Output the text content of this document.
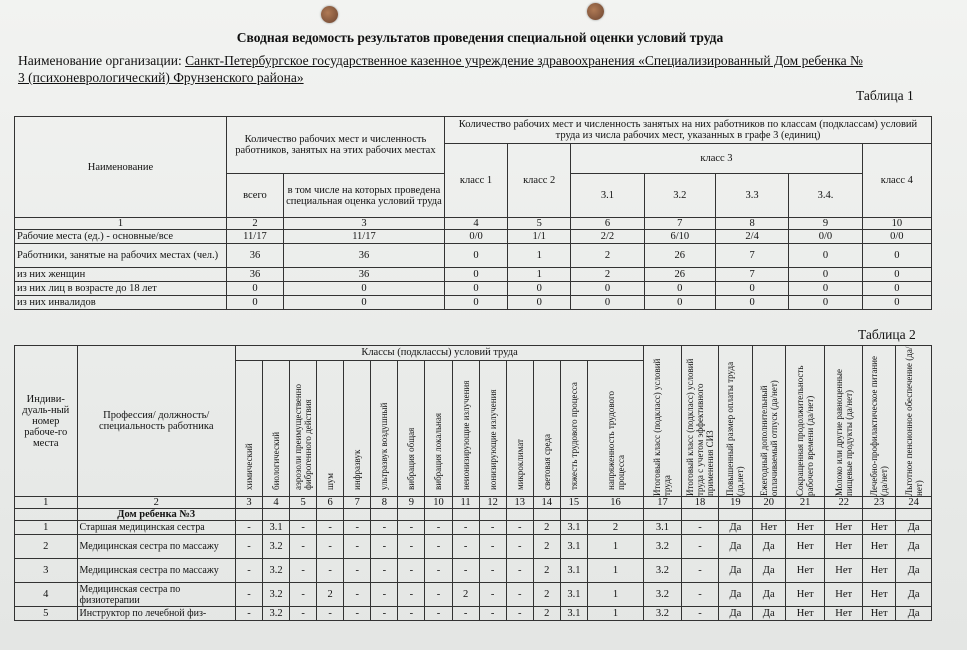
Сводная ведомость результатов проведения специальной оценки условий труда
Наименование организации: Санкт-Петербургское государственное казенное учреждение здравоохранения «Специализированный Дом ребенка №
3 (психоневрологический) Фрунзенского района»
Таблица 1
Наименование	Количество рабочих мест и численность работников, занятых на этих рабочих местах		Количество рабочих мест и численность занятых на них работников по классам (подклассам) условий труда из числа рабочих мест, указанных в графе 3 (единиц)						
			класс 1	класс 2	класс 3				класс 4
	всего	в том числе на которых проведена специальная оценка условий труда			3.1	3.2	3.3	3.4.	
1	2	3	4	5	6	7	8	9	10
Рабочие места (ед.) - основные/все	11/17	11/17	0/0	1/1	2/2	6/10	2/4	0/0	0/0
Работники, занятые на рабочих местах (чел.)	36	36	0	1	2	26	7	0	0
из них женщин	36	36	0	1	2	26	7	0	0
из них лиц в возрасте до 18 лет	0	0	0	0	0	0	0	0	0
из них инвалидов	0	0	0	0	0	0	0	0	0
Таблица 2
Индиви-дуаль-ный номер рабоче-го места	Профессия/ должность/ специальность работника	Классы (подклассы) условий труда														Итоговый класс (подкласс) условий труда	Итоговый класс (подкласс) условий труда с учетом эффективного применения СИЗ	Повышенный размер оплаты труда (да,нет)	Ежегодный дополнительный оплачиваемый отпуск (да/нет)	Сокращенная продолжительность рабочего времени (да/нет)	Молоко или другие равноценные пищевые продукты (да/нет)	Лечебно-профилактическое питание (да/нет)	Льготное пенсионное обеспечение (да/нет)

		химический	биологический	аэрозоли преимущественно фиброгенного действия	шум	инфразвук	ультразвук воздушный	вибрация общая	вибрация локальная	неионизирующие излучения	ионизирующие излучения	микроклимат	световая среда	тяжесть трудового процесса	напряженность трудового процесса								

1	2	3	4	5	6	7	8	9	10	11	12	13	14	15	16	17	18	19	20	21	22	23	24
	Дом ребенка №3																						
1	Старшая медицинская сестра	-	3.1	-	-	-	-	-	-	-	-	-	2	3.1	2	3.1	-	Да	Нет	Нет	Нет	Нет	Да
2	Медицинская сестра по массажу	-	3.2	-	-	-	-	-	-	-	-	-	2	3.1	1	3.2	-	Да	Да	Нет	Нет	Нет	Да
3	Медицинская сестра по массажу	-	3.2	-	-	-	-	-	-	-	-	-	2	3.1	1	3.2	-	Да	Да	Нет	Нет	Нет	Да
4	Медицинская сестра по физиотерапии	-	3.2	-	2	-	-	-	-	2	-	-	2	3.1	1	3.2	-	Да	Да	Нет	Нет	Нет	Да
5	Инструктор по лечебной физ-	-	3.2	-	-	-	-	-	-	-	-	-	2	3.1	1	3.2	-	Да	Да	Нет	Нет	Нет	Да
